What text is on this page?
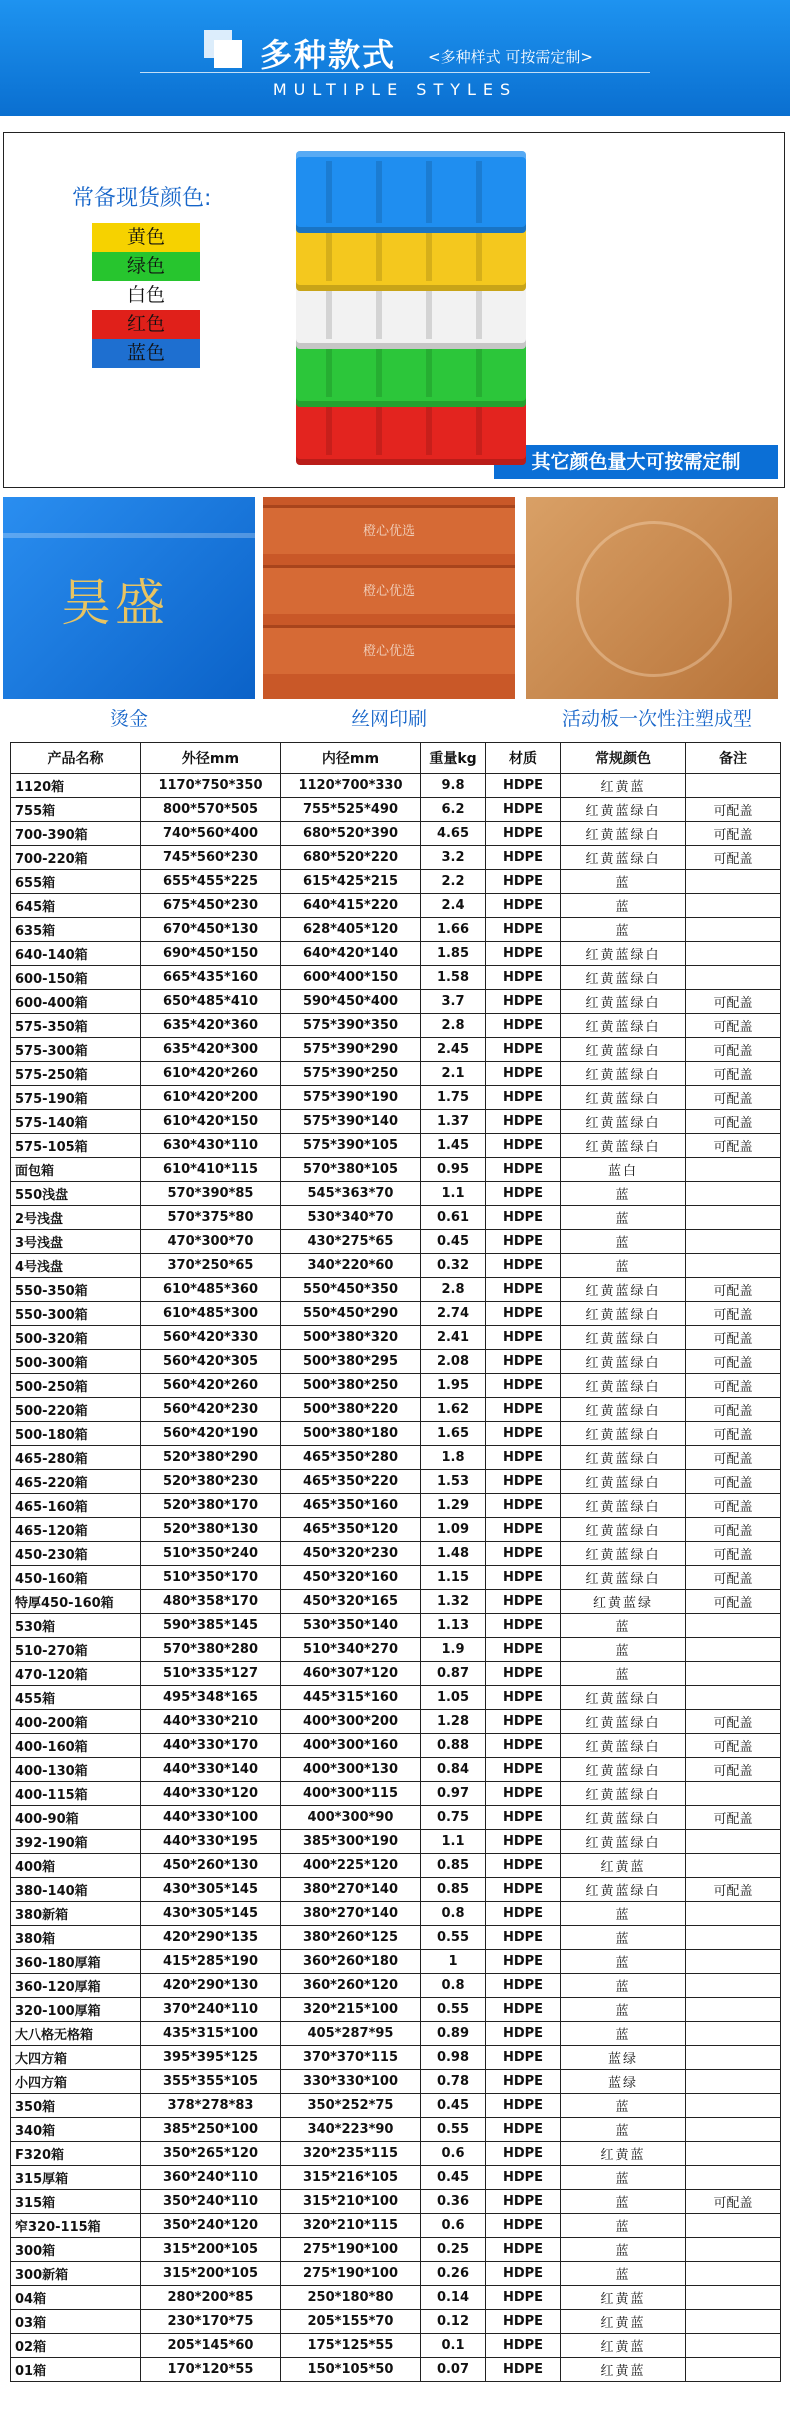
多种款式 <多种样式 可按需定制>
MULTIPLE STYLES
常备现货颜色:
黄色
绿色
白色
红色
蓝色
其它颜色量大可按需定制
昊盛
橙心优选
橙心优选
橙心优选
烫金	丝网印刷	活动板一次性注塑成型
产品名称	外径mm	内径mm	重量kg	材质	常规颜色	备注
1120箱	1170*750*350	1120*700*330	9.8	HDPE	红黄蓝	
755箱	800*570*505	755*525*490	6.2	HDPE	红黄蓝绿白	可配盖
700-390箱	740*560*400	680*520*390	4.65	HDPE	红黄蓝绿白	可配盖
700-220箱	745*560*230	680*520*220	3.2	HDPE	红黄蓝绿白	可配盖
655箱	655*455*225	615*425*215	2.2	HDPE	蓝	
645箱	675*450*230	640*415*220	2.4	HDPE	蓝	
635箱	670*450*130	628*405*120	1.66	HDPE	蓝	
640-140箱	690*450*150	640*420*140	1.85	HDPE	红黄蓝绿白	
600-150箱	665*435*160	600*400*150	1.58	HDPE	红黄蓝绿白	
600-400箱	650*485*410	590*450*400	3.7	HDPE	红黄蓝绿白	可配盖
575-350箱	635*420*360	575*390*350	2.8	HDPE	红黄蓝绿白	可配盖
575-300箱	635*420*300	575*390*290	2.45	HDPE	红黄蓝绿白	可配盖
575-250箱	610*420*260	575*390*250	2.1	HDPE	红黄蓝绿白	可配盖
575-190箱	610*420*200	575*390*190	1.75	HDPE	红黄蓝绿白	可配盖
575-140箱	610*420*150	575*390*140	1.37	HDPE	红黄蓝绿白	可配盖
575-105箱	630*430*110	575*390*105	1.45	HDPE	红黄蓝绿白	可配盖
面包箱	610*410*115	570*380*105	0.95	HDPE	蓝白	
550浅盘	570*390*85	545*363*70	1.1	HDPE	蓝	
2号浅盘	570*375*80	530*340*70	0.61	HDPE	蓝	
3号浅盘	470*300*70	430*275*65	0.45	HDPE	蓝	
4号浅盘	370*250*65	340*220*60	0.32	HDPE	蓝	
550-350箱	610*485*360	550*450*350	2.8	HDPE	红黄蓝绿白	可配盖
550-300箱	610*485*300	550*450*290	2.74	HDPE	红黄蓝绿白	可配盖
500-320箱	560*420*330	500*380*320	2.41	HDPE	红黄蓝绿白	可配盖
500-300箱	560*420*305	500*380*295	2.08	HDPE	红黄蓝绿白	可配盖
500-250箱	560*420*260	500*380*250	1.95	HDPE	红黄蓝绿白	可配盖
500-220箱	560*420*230	500*380*220	1.62	HDPE	红黄蓝绿白	可配盖
500-180箱	560*420*190	500*380*180	1.65	HDPE	红黄蓝绿白	可配盖
465-280箱	520*380*290	465*350*280	1.8	HDPE	红黄蓝绿白	可配盖
465-220箱	520*380*230	465*350*220	1.53	HDPE	红黄蓝绿白	可配盖
465-160箱	520*380*170	465*350*160	1.29	HDPE	红黄蓝绿白	可配盖
465-120箱	520*380*130	465*350*120	1.09	HDPE	红黄蓝绿白	可配盖
450-230箱	510*350*240	450*320*230	1.48	HDPE	红黄蓝绿白	可配盖
450-160箱	510*350*170	450*320*160	1.15	HDPE	红黄蓝绿白	可配盖
特厚450-160箱	480*358*170	450*320*165	1.32	HDPE	红黄蓝绿	可配盖
530箱	590*385*145	530*350*140	1.13	HDPE	蓝	
510-270箱	570*380*280	510*340*270	1.9	HDPE	蓝	
470-120箱	510*335*127	460*307*120	0.87	HDPE	蓝	
455箱	495*348*165	445*315*160	1.05	HDPE	红黄蓝绿白	
400-200箱	440*330*210	400*300*200	1.28	HDPE	红黄蓝绿白	可配盖
400-160箱	440*330*170	400*300*160	0.88	HDPE	红黄蓝绿白	可配盖
400-130箱	440*330*140	400*300*130	0.84	HDPE	红黄蓝绿白	可配盖
400-115箱	440*330*120	400*300*115	0.97	HDPE	红黄蓝绿白	
400-90箱	440*330*100	400*300*90	0.75	HDPE	红黄蓝绿白	可配盖
392-190箱	440*330*195	385*300*190	1.1	HDPE	红黄蓝绿白	
400箱	450*260*130	400*225*120	0.85	HDPE	红黄蓝	
380-140箱	430*305*145	380*270*140	0.85	HDPE	红黄蓝绿白	可配盖
380新箱	430*305*145	380*270*140	0.8	HDPE	蓝	
380箱	420*290*135	380*260*125	0.55	HDPE	蓝	
360-180厚箱	415*285*190	360*260*180	1	HDPE	蓝	
360-120厚箱	420*290*130	360*260*120	0.8	HDPE	蓝	
320-100厚箱	370*240*110	320*215*100	0.55	HDPE	蓝	
大八格无格箱	435*315*100	405*287*95	0.89	HDPE	蓝	
大四方箱	395*395*125	370*370*115	0.98	HDPE	蓝绿	
小四方箱	355*355*105	330*330*100	0.78	HDPE	蓝绿	
350箱	378*278*83	350*252*75	0.45	HDPE	蓝	
340箱	385*250*100	340*223*90	0.55	HDPE	蓝	
F320箱	350*265*120	320*235*115	0.6	HDPE	红黄蓝	
315厚箱	360*240*110	315*216*105	0.45	HDPE	蓝	
315箱	350*240*110	315*210*100	0.36	HDPE	蓝	可配盖
窄320-115箱	350*240*120	320*210*115	0.6	HDPE	蓝	
300箱	315*200*105	275*190*100	0.25	HDPE	蓝	
300新箱	315*200*105	275*190*100	0.26	HDPE	蓝	
04箱	280*200*85	250*180*80	0.14	HDPE	红黄蓝	
03箱	230*170*75	205*155*70	0.12	HDPE	红黄蓝	
02箱	205*145*60	175*125*55	0.1	HDPE	红黄蓝	
01箱	170*120*55	150*105*50	0.07	HDPE	红黄蓝	
